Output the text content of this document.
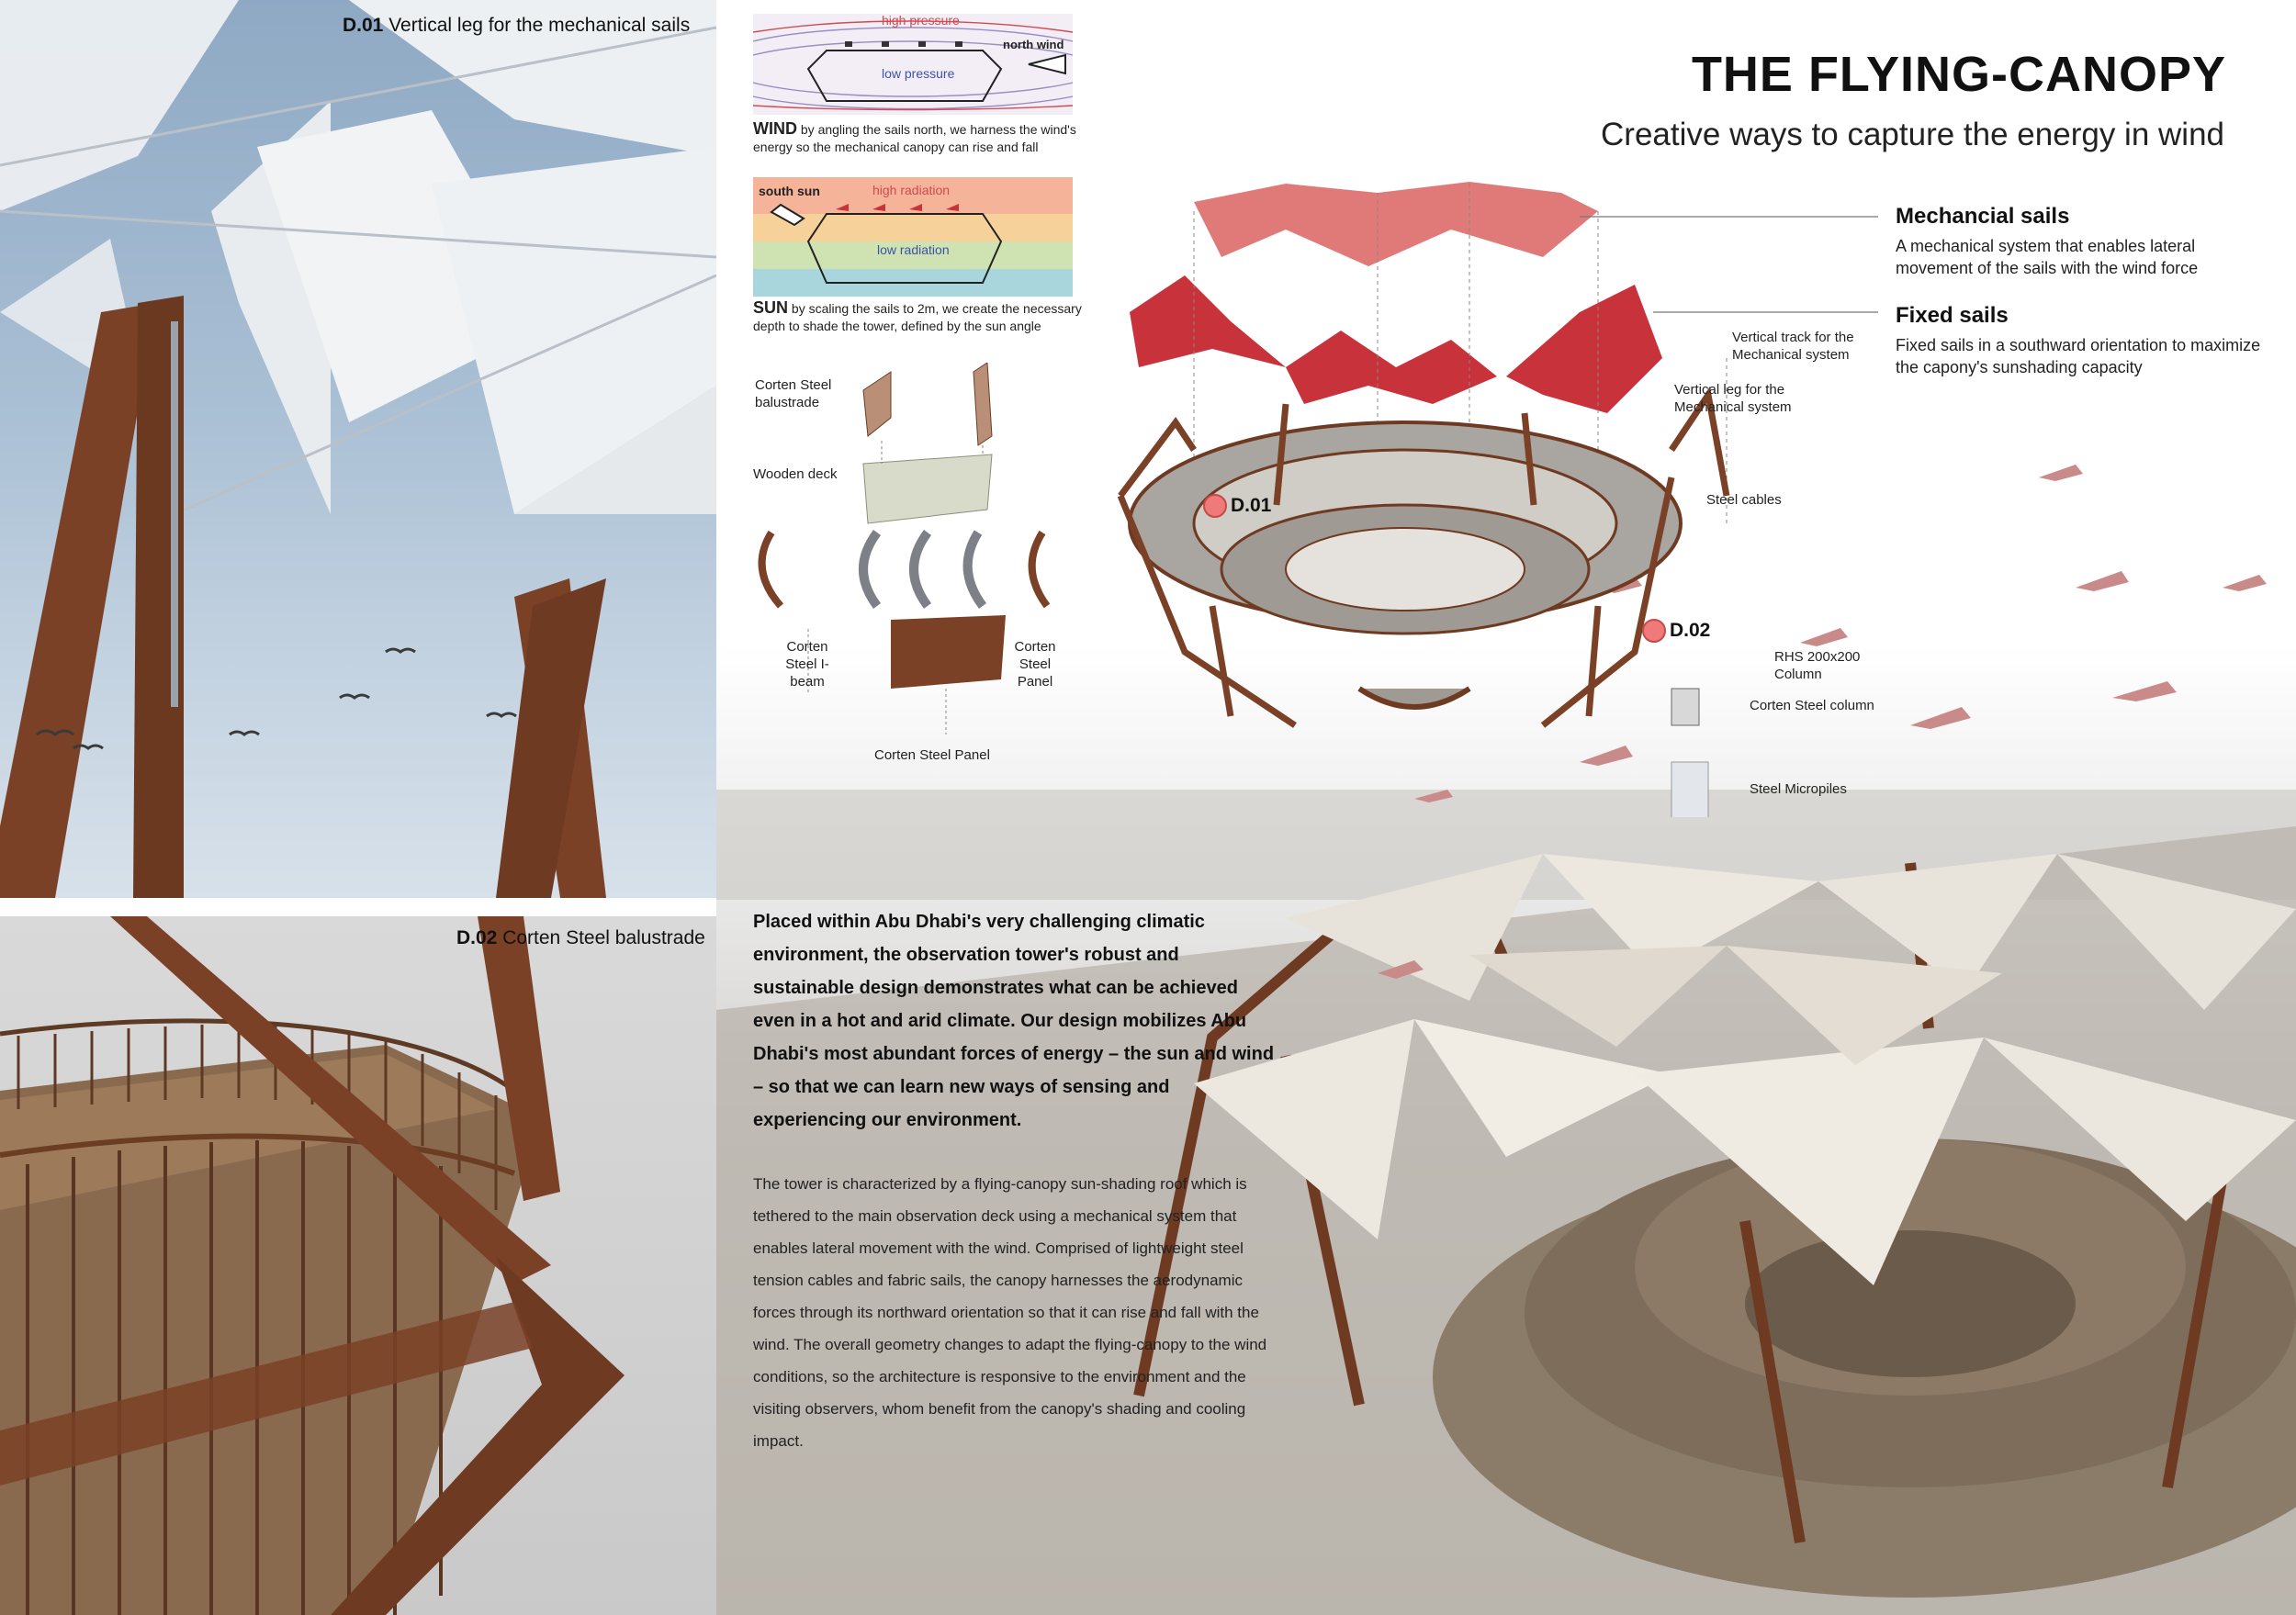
D.01 Vertical leg for the mechanical sails
D.02 Corten Steel balustrade
high pressure
low pressure
north wind
WIND by angling the sails north, we harness the wind's energy so the mechanical canopy can rise and fall
south sun	high radiation
low radiation
SUN by scaling the sails to 2m, we create the necessary depth to shade the tower, defined by the sun angle
Corten Steel balustrade
Wooden deck
Corten Steel I-beam
Corten Steel Panel
Corten Steel Panel
D.01
D.02
Vertical track for the Mechanical system
Vertical leg for the Mechanical system
Steel cables
RHS 200x200 Column
Corten Steel column
Steel Micropiles
THE FLYING-CANOPY
Creative ways to capture the energy in wind
Mechancial sails
A mechanical system that enables lateral movement of the sails with the wind force
Fixed sails
Fixed sails in a southward orientation to maximize the capony's sunshading capacity
Placed within Abu Dhabi's very challenging climatic environment, the observation tower's robust and sustainable design demonstrates what can be achieved even in a hot and arid climate. Our design mobilizes Abu Dhabi's most abundant forces of energy – the sun and wind – so that we can learn new ways of sensing and experiencing our environment.
The tower is characterized by a flying-canopy sun-shading roof which is tethered to the main observation deck using a mechanical system that enables lateral movement with the wind. Comprised of lightweight steel tension cables and fabric sails, the canopy harnesses the aerodynamic forces through its northward orientation so that it can rise and fall with the wind. The overall geometry changes to adapt the flying-canopy to the wind conditions, so the architecture is responsive to the environment and the visiting observers, whom benefit from the canopy's shading and cooling impact.
